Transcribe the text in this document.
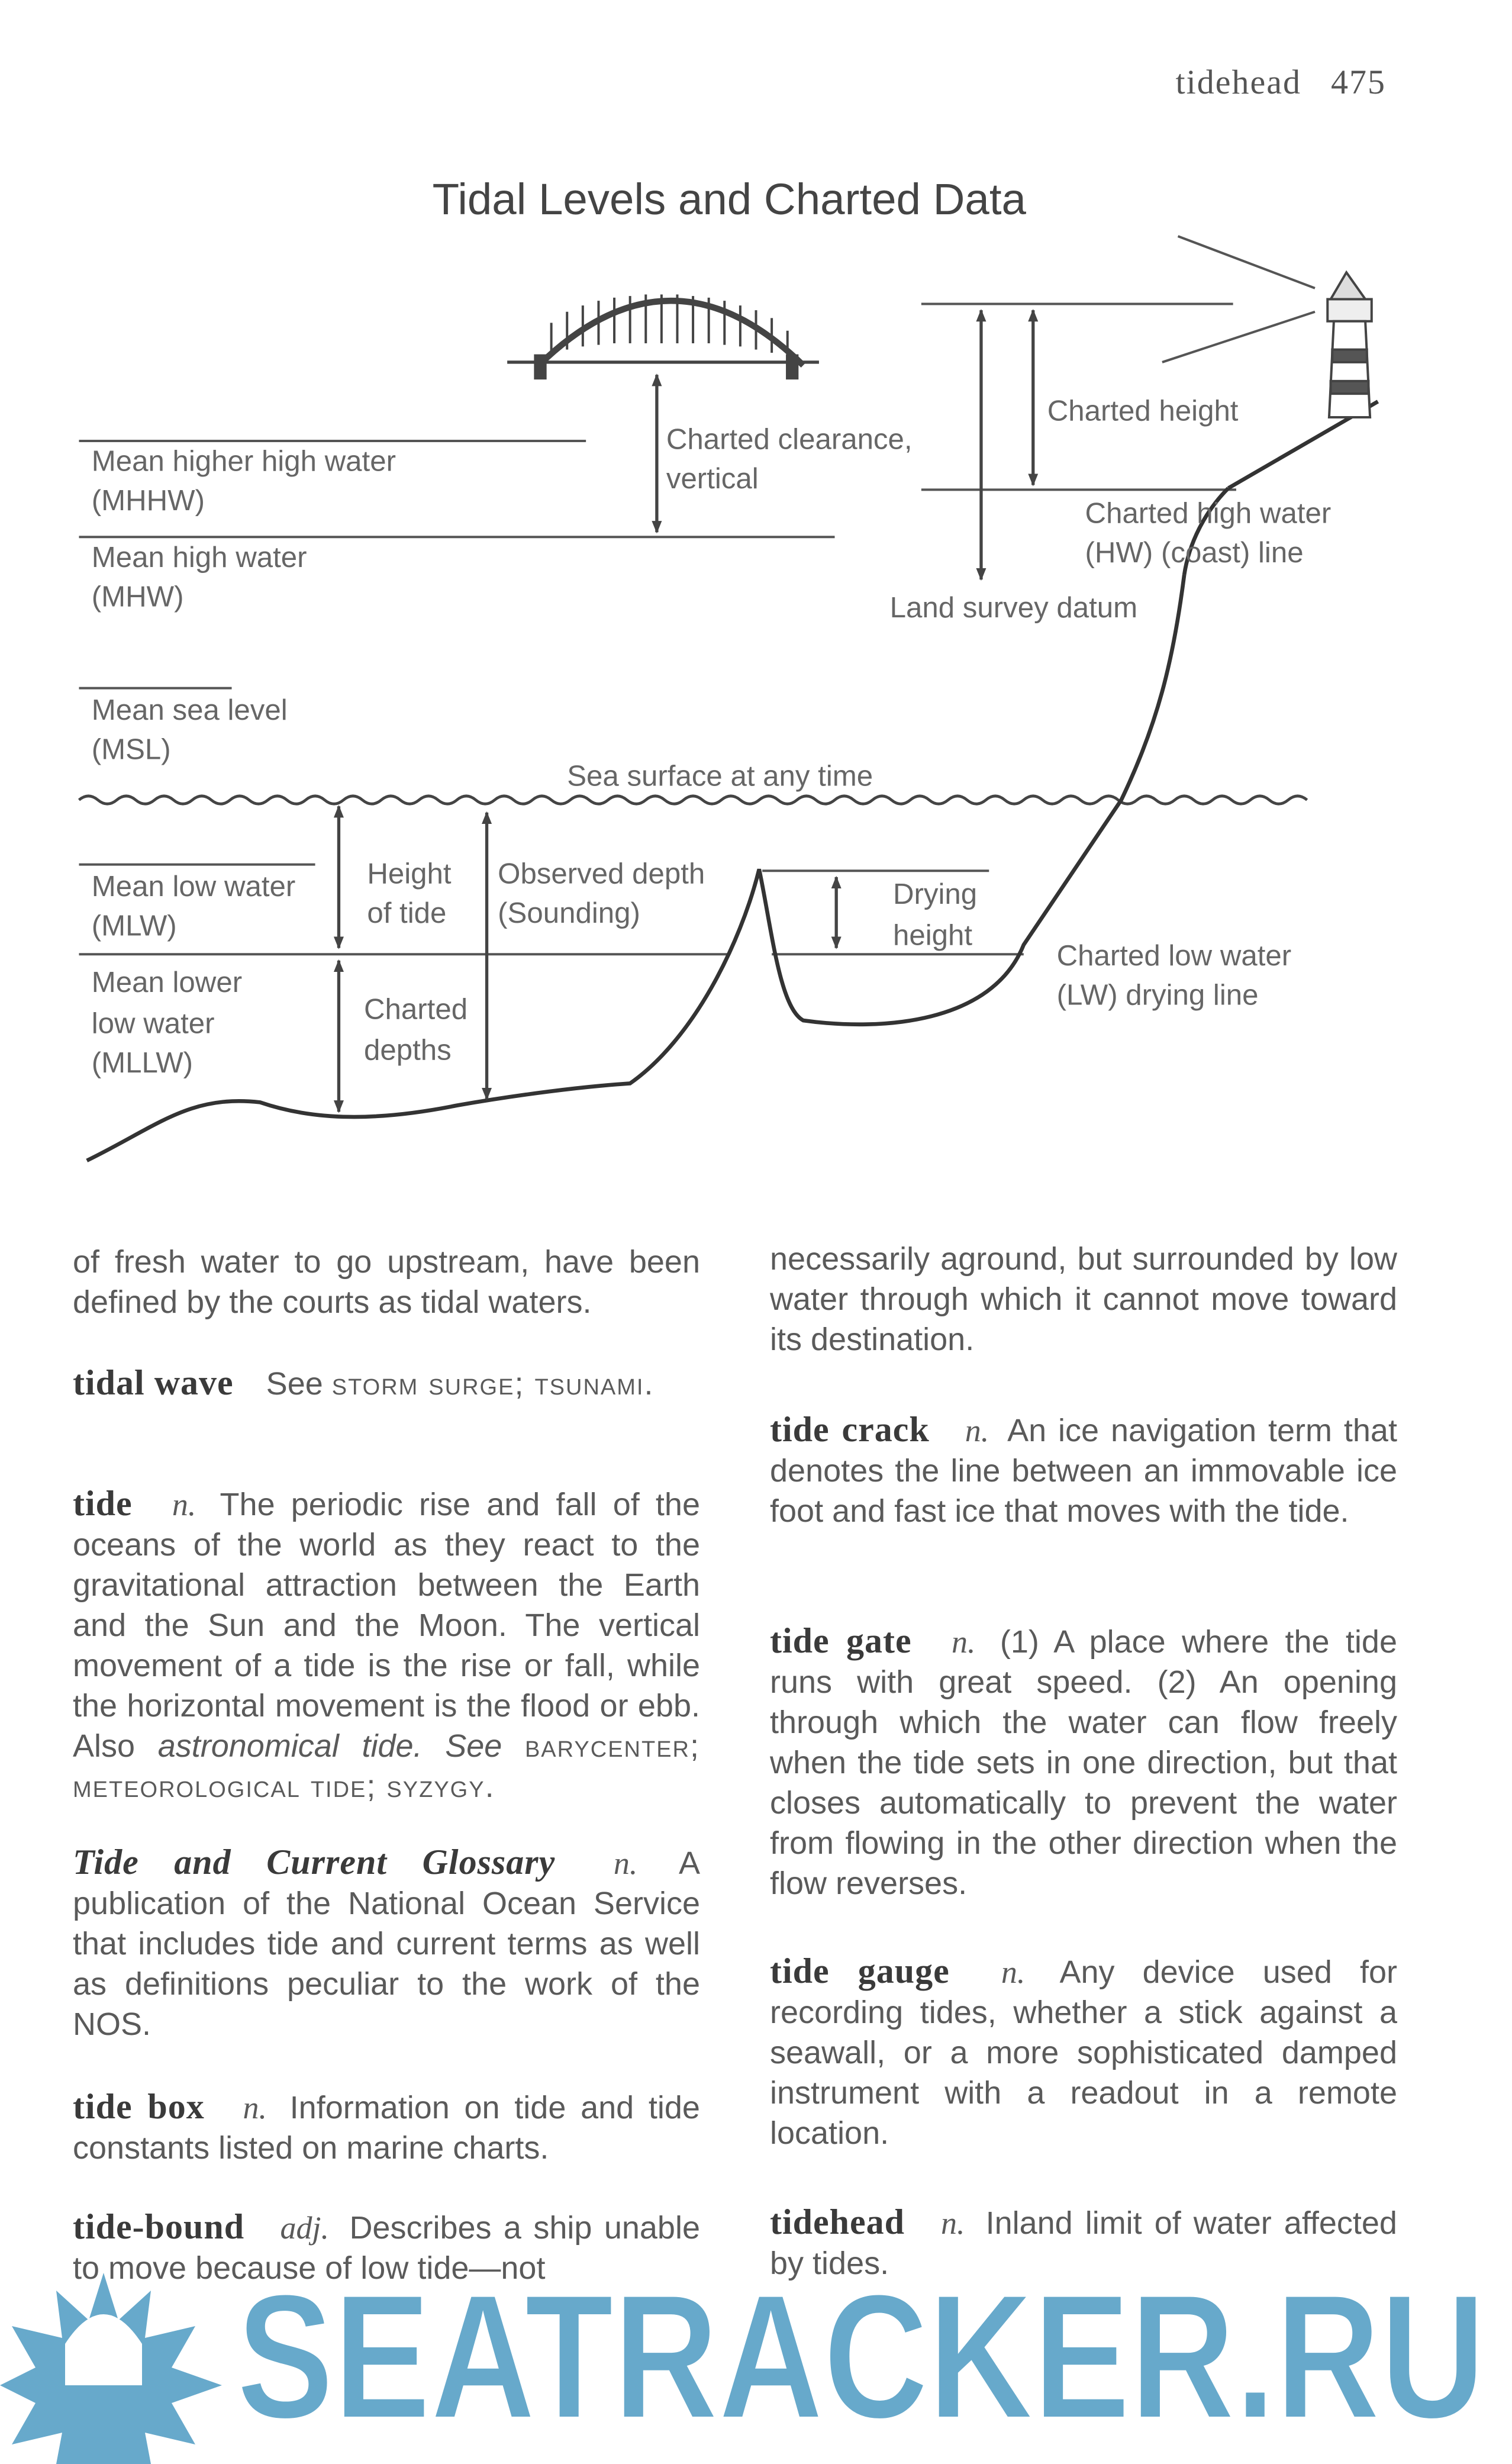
tidehead 475
Tidal Levels and Charted Data
Mean higher high water
(MHHW)
Mean high water
(MHW)
Mean sea level
(MSL)
Mean low water
(MLW)
Mean lower
low water
(MLLW)
Charted clearance,
vertical
Sea surface at any time
Height
of tide
Observed depth
(Sounding)
Charted
depths
Drying
height
Charted low water
(LW) drying line
Charted height
Charted high water
(HW) (coast) line
Land survey datum
of fresh water to go upstream, have been defined by the courts as tidal waters.
tidal wave See storm surge; tsunami.
tide n. The periodic rise and fall of the oceans of the world as they react to the gravitational attraction between the Earth and the Sun and the Moon. The vertical movement of a tide is the rise or fall, while the horizontal movement is the flood or ebb. Also astronomical tide. See barycenter; meteorological tide; syzygy.
Tide and Current Glossary n. A publication of the National Ocean Service that includes tide and current terms as well as definitions peculiar to the work of the NOS.
tide box n. Information on tide and tide constants listed on marine charts.
tide-bound adj. Describes a ship unable to move because of low tide—not
necessarily aground, but surrounded by low water through which it cannot move toward its destination.
tide crack n. An ice navigation term that denotes the line between an immovable ice foot and fast ice that moves with the tide.
tide gate n. (1) A place where the tide runs with great speed. (2) An opening through which the water can flow freely when the tide sets in one direction, but that closes automatically to prevent the water from flowing in the other direction when the flow reverses.
tide gauge n. Any device used for recording tides, whether a stick against a seawall, or a more sophisticated damped instrument with a readout in a remote location.
tidehead n. Inland limit of water affected by tides.
SEATRACKER.RU
